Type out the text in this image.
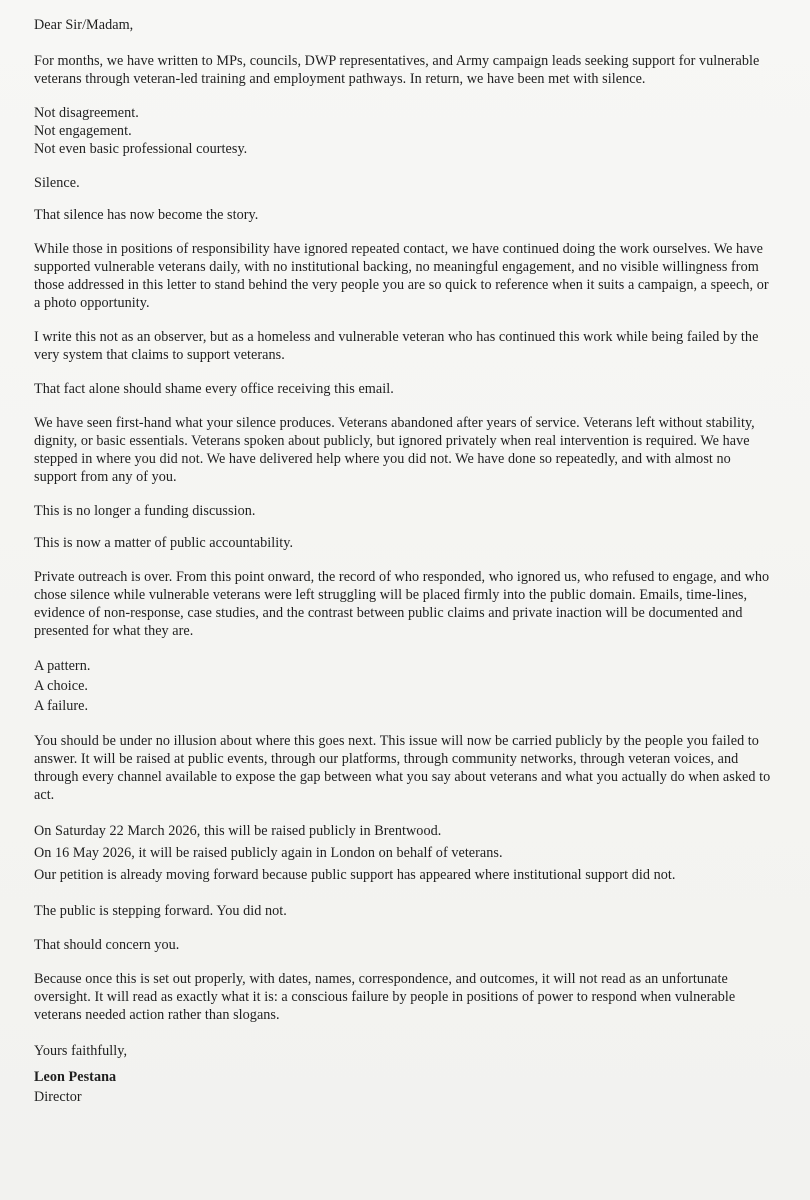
Dear Sir/Madam,

For months, we have written to MPs, councils, DWP representatives, and Army campaign leads seeking support for vulnerable veterans through veteran-led training and employment pathways. In return, we have been met with silence.

Not disagreement.
Not engagement.
Not even basic professional courtesy.

Silence.

That silence has now become the story.

While those in positions of responsibility have ignored repeated contact, we have continued doing the work ourselves. We have supported vulnerable veterans daily, with no institutional backing, no meaningful engagement, and no visible willingness from those addressed in this letter to stand behind the very people you are so quick to reference when it suits a campaign, a speech, or a photo opportunity.

I write this not as an observer, but as a homeless and vulnerable veteran who has continued this work while being failed by the very system that claims to support veterans.

That fact alone should shame every office receiving this email.

We have seen first-hand what your silence produces. Veterans abandoned after years of service. Veterans left without stability, dignity, or basic essentials. Veterans spoken about publicly, but ignored privately when real intervention is required. We have stepped in where you did not. We have delivered help where you did not. We have done so repeatedly, and with almost no support from any of you.

This is no longer a funding discussion.

This is now a matter of public accountability.

Private outreach is over. From this point onward, the record of who responded, who ignored us, who refused to engage, and who chose silence while vulnerable veterans were left struggling will be placed firmly into the public domain. Emails, time-lines, evidence of non-response, case studies, and the contrast between public claims and private inaction will be documented and presented for what they are.

A pattern.
A choice.
A failure.

You should be under no illusion about where this goes next. This issue will now be carried publicly by the people you failed to answer. It will be raised at public events, through our platforms, through community networks, through veteran voices, and through every channel available to expose the gap between what you say about veterans and what you actually do when asked to act.

On Saturday 22 March 2026, this will be raised publicly in Brentwood.
On 16 May 2026, it will be raised publicly again in London on behalf of veterans.
Our petition is already moving forward because public support has appeared where institutional support did not.

The public is stepping forward. You did not.

That should concern you.

Because once this is set out properly, with dates, names, correspondence, and outcomes, it will not read as an unfortunate oversight. It will read as exactly what it is: a conscious failure by people in positions of power to respond when vulnerable veterans needed action rather than slogans.

Yours faithfully,
Leon Pestana
Director
